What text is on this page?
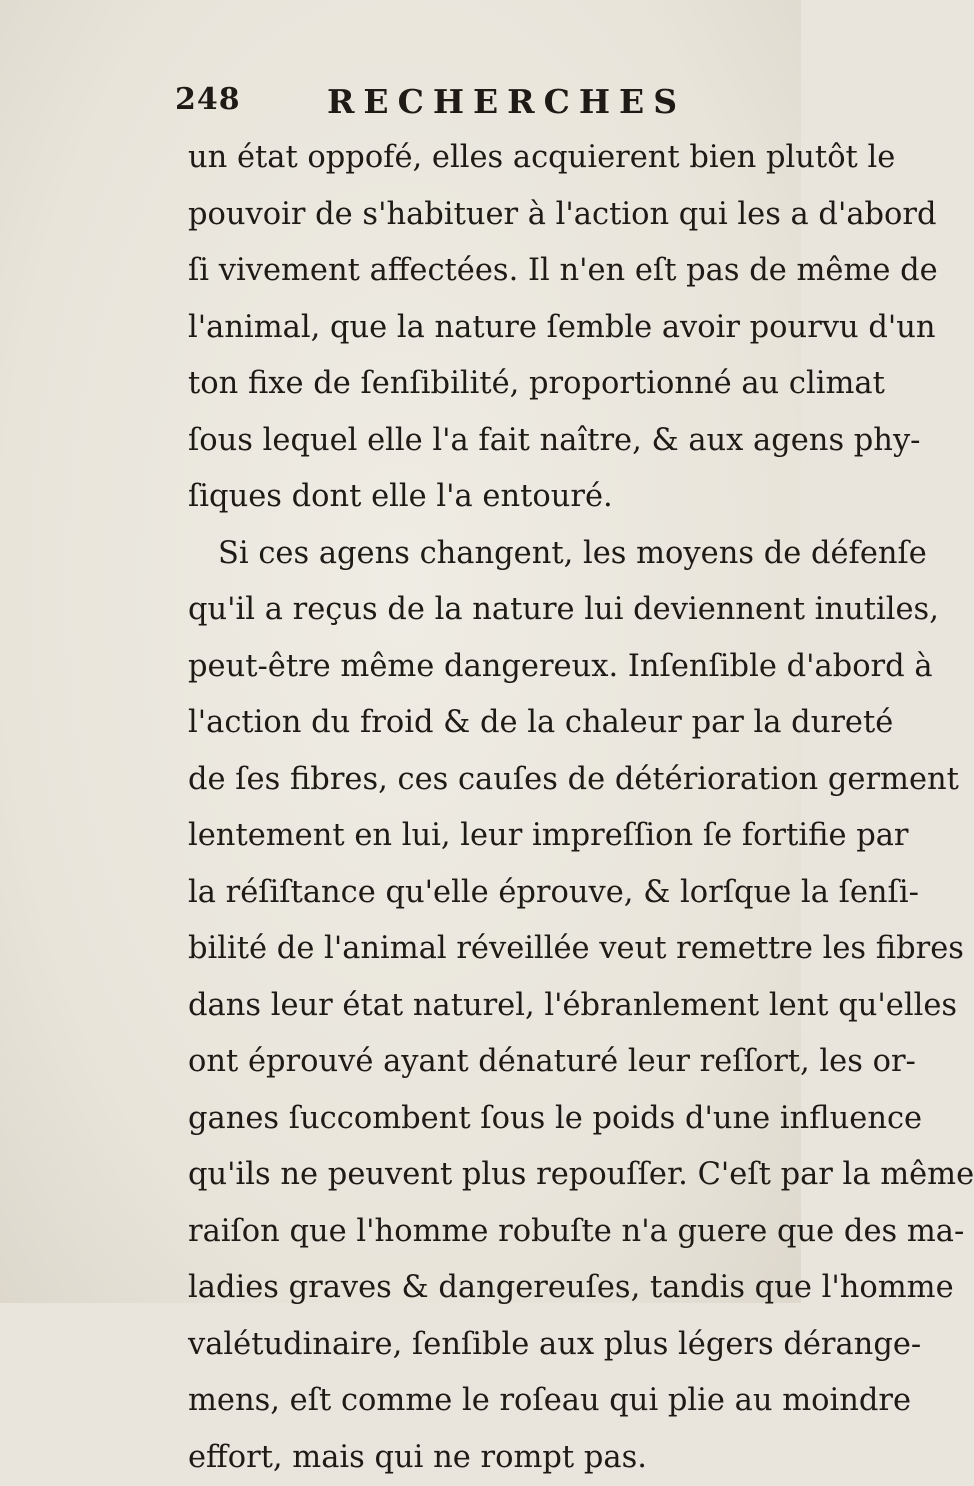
248	RECHERCHES
un état oppofé, elles acquierent bien plutôt le
pouvoir de s'habituer à l'action qui les a d'abord
ſi vivement affectées. Il n'en eſt pas de même de
l'animal, que la nature ſemble avoir pourvu d'un
ton fixe de ſenſibilité, proportionné au climat
ſous lequel elle l'a fait naître, & aux agens phy-
ſiques dont elle l'a entouré.
Si ces agens changent, les moyens de défenſe
qu'il a reçus de la nature lui deviennent inutiles,
peut-être même dangereux. Inſenſible d'abord à
l'action du froid & de la chaleur par la dureté
de ſes fibres, ces cauſes de détérioration germent
lentement en lui, leur impreſſion ſe fortifie par
la réſiſtance qu'elle éprouve, & lorſque la ſenſi-
bilité de l'animal réveillée veut remettre les fibres
dans leur état naturel, l'ébranlement lent qu'elles
ont éprouvé ayant dénaturé leur reſſort, les or-
ganes ſuccombent ſous le poids d'une influence
qu'ils ne peuvent plus repouſſer. C'eſt par la même
raiſon que l'homme robuſte n'a guere que des ma-
ladies graves & dangereuſes, tandis que l'homme
valétudinaire, ſenſible aux plus légers dérange-
mens, eſt comme le roſeau qui plie au moindre
effort, mais qui ne rompt pas.
